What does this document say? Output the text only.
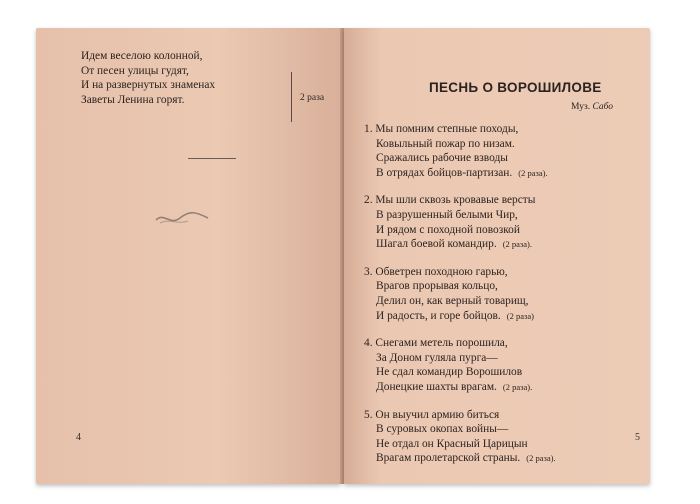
Идем веселою колонной,
От песен улицы гудят,
И на развернутых знаменах
Заветы Ленина горят.	2 раза
4
ПЕСНЬ О ВОРОШИЛОВЕ
Муз. Сабо
1. Мы помним степные походы,
Ковыльный пожар по низам.
Сражались рабочие взводы
В отрядах бойцов-партизан. (2 раза).
2. Мы шли сквозь кровавые версты
В разрушенный белыми Чир,
И рядом с походной повозкой
Шагал боевой командир. (2 раза).
3. Обветрен походною гарью,
Врагов прорывая кольцо,
Делил он, как верный товарищ,
И радость, и горе бойцов. (2 раза)
4. Снегами метель порошила,
За Доном гуляла пурга—
Не сдал командир Ворошилов
Донецкие шахты врагам. (2 раза).
5. Он выучил армию биться
В суровых окопах войны—
Не отдал он Красный Царицын
Врагам пролетарской страны. (2 раза).
5
